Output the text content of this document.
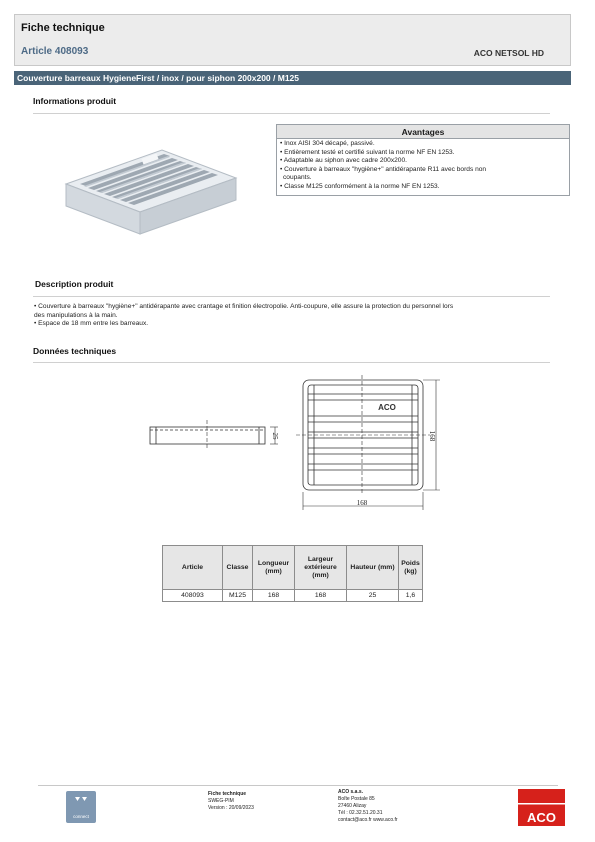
Fiche technique
Article 408093	ACO NETSOL HD
Couverture barreaux HygieneFirst / inox / pour siphon 200x200 / M125
Informations produit
Avantages
• Inox AISI 304 décapé, passivé.
• Entièrement testé et certifié suivant la norme NF EN 1253.
• Adaptable au siphon avec cadre 200x200.
• Couverture à barreaux "hygiène+" antidérapante R11 avec bords non
coupants.
• Classe M125 conformément à la norme NF EN 1253.
Description produit
• Couverture à barreaux "hygiène+" antidérapante avec crantage et finition électropolie. Anti-coupure, elle assure la protection du personnel lors
des manipulations à la main.
• Espace de 18 mm entre les barreaux.
Données techniques
25
ACO
168
168
Article	Classe	Longueur (mm)	Largeur extérieure (mm)	Hauteur (mm)	Poids (kg)
408093	M125	168	168	25	1,6
connect
Fiche technique
SWEG-PIM
Version : 20/09/2023
ACO s.a.s.
Boîte Postale 85
27460 Alizay
Tél : 02.32.51.20.31
contact@aco.fr www.aco.fr	ACO
